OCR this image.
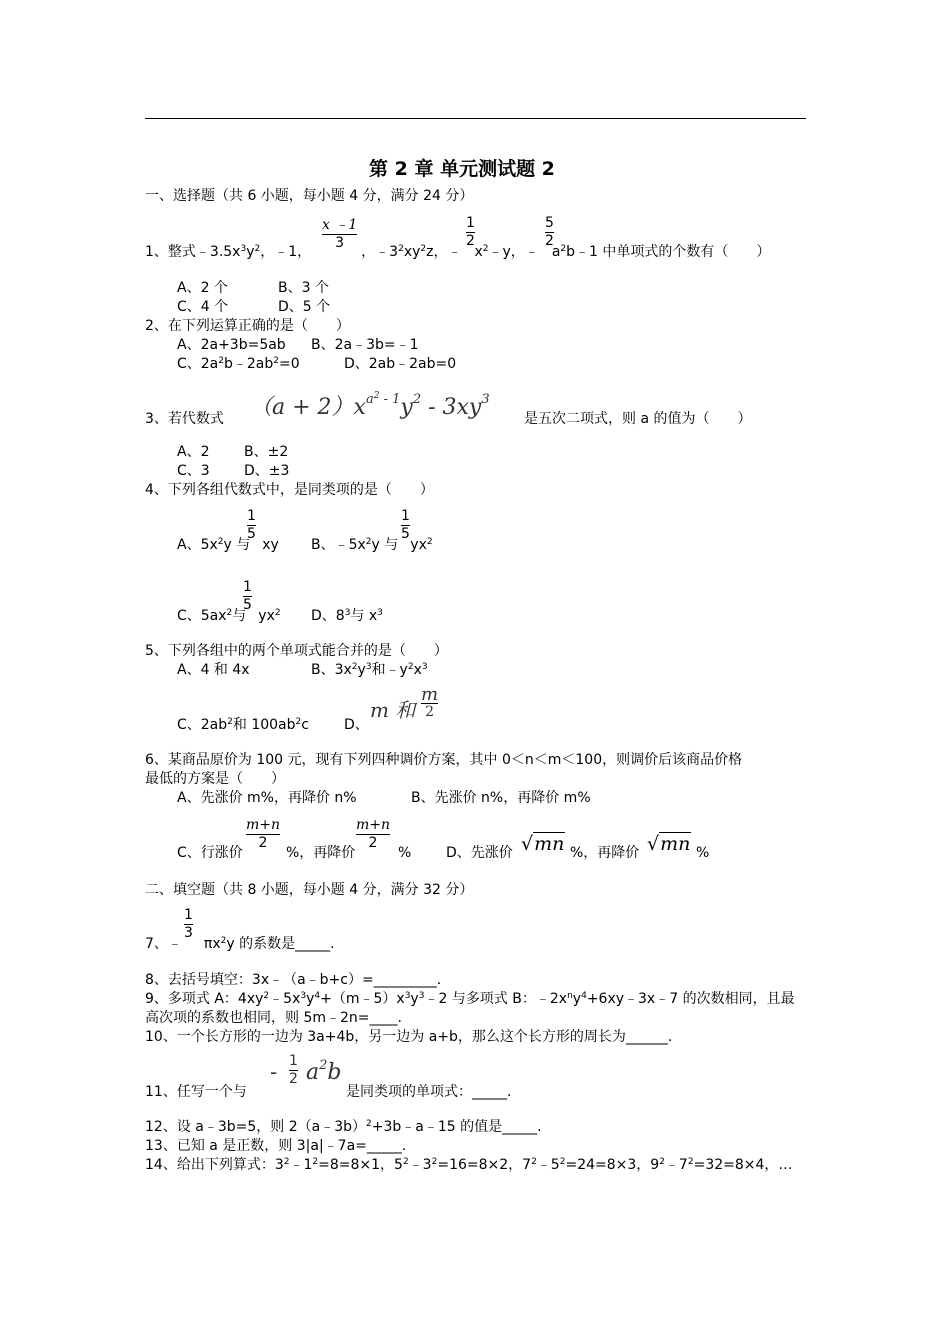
第 2 章 单元测试题 2
一、选择题（共 6 小题，每小题 4 分，满分 24 分）
x ﹣1
3
1
2
5
2
1、整式$﹣3.5x^3y^2$，﹣1，	，$﹣3^2xy^2z$，﹣ $x^2﹣y$，﹣ $a^2b﹣1$ 中单项式的个数有（　　）
A、2 个	B、3 个
C、4 个	D、5 个
2、在下列运算正确的是（　　）
A、2a+3b=5ab B、2a﹣3b=﹣1
C、$2a^2b﹣2ab^2=0$	D、2ab﹣2ab=0
3、若代数式 $(a + 2)x^{a^2 - 1}y^2 - 3xy^3$
是五次二项式，则 a 的值为（　　）
A、2 B、±2
C、3 D、±3
4、下列各组代数式中，是同类项的是（　　）
1
5
1
5
A、$5x^2y$ 与 xy B、$﹣5x^2y$ 与 $yx^2$
1
5
C、$5ax^2$与 $yx^2$ D、$8^3$与 $x^3$
5、下列各组中的两个单项式能合并的是（　　）
A、4 和 4x	B、$3x^2y^3$和$﹣y^2x^3$
C、$2ab^2$和 $100ab^2c$	D、
m 和
m
2
6、某商品原价为 100 元，现有下列四种调价方案，其中 0＜n＜m＜100，则调价后该商品价格
最低的方案是（　　）
A、先涨价 m%，再降价 n%	B、先涨价 n%，再降价 m%
m+n
2
m+n
2
C、行涨价	%，再降价	% D、先涨价 √mn %，再降价 √mn %
二、填空题（共 8 小题，每小题 4 分，满分 32 分）
1
3
7、﹣ $\pi x^2y$ 的系数是_____.
8、去括号填空：3x﹣（a﹣b+c）=_________.
9、多项式 A：$4xy^2﹣5x^3y^4+(m﹣5)x^3y^3﹣2$ 与多项式 B：$﹣2x^ny^4+6xy﹣3x﹣7$ 的次数相同，且最
高次项的系数也相同，则 5m﹣2n=____.
10、一个长方形的一边为 3a+4b，另一边为 a+b，那么这个长方形的周长为______.
11、任写一个与
- 1
2 $a^2b$
是同类项的单项式：_____.
12、设 a﹣3b=5，则 2（a﹣3b）$^2$+3b﹣a﹣15 的值是_____.
13、已知 a 是正数，则 3|a|﹣7a=_____.
14、给出下列算式：$3^2﹣1^2=8=8\times 1$，$5^2﹣3^2=16=8\times 2$，$7^2﹣5^2=24=8\times 3$，$9^2﹣7^2=32=8\times 4$，…
